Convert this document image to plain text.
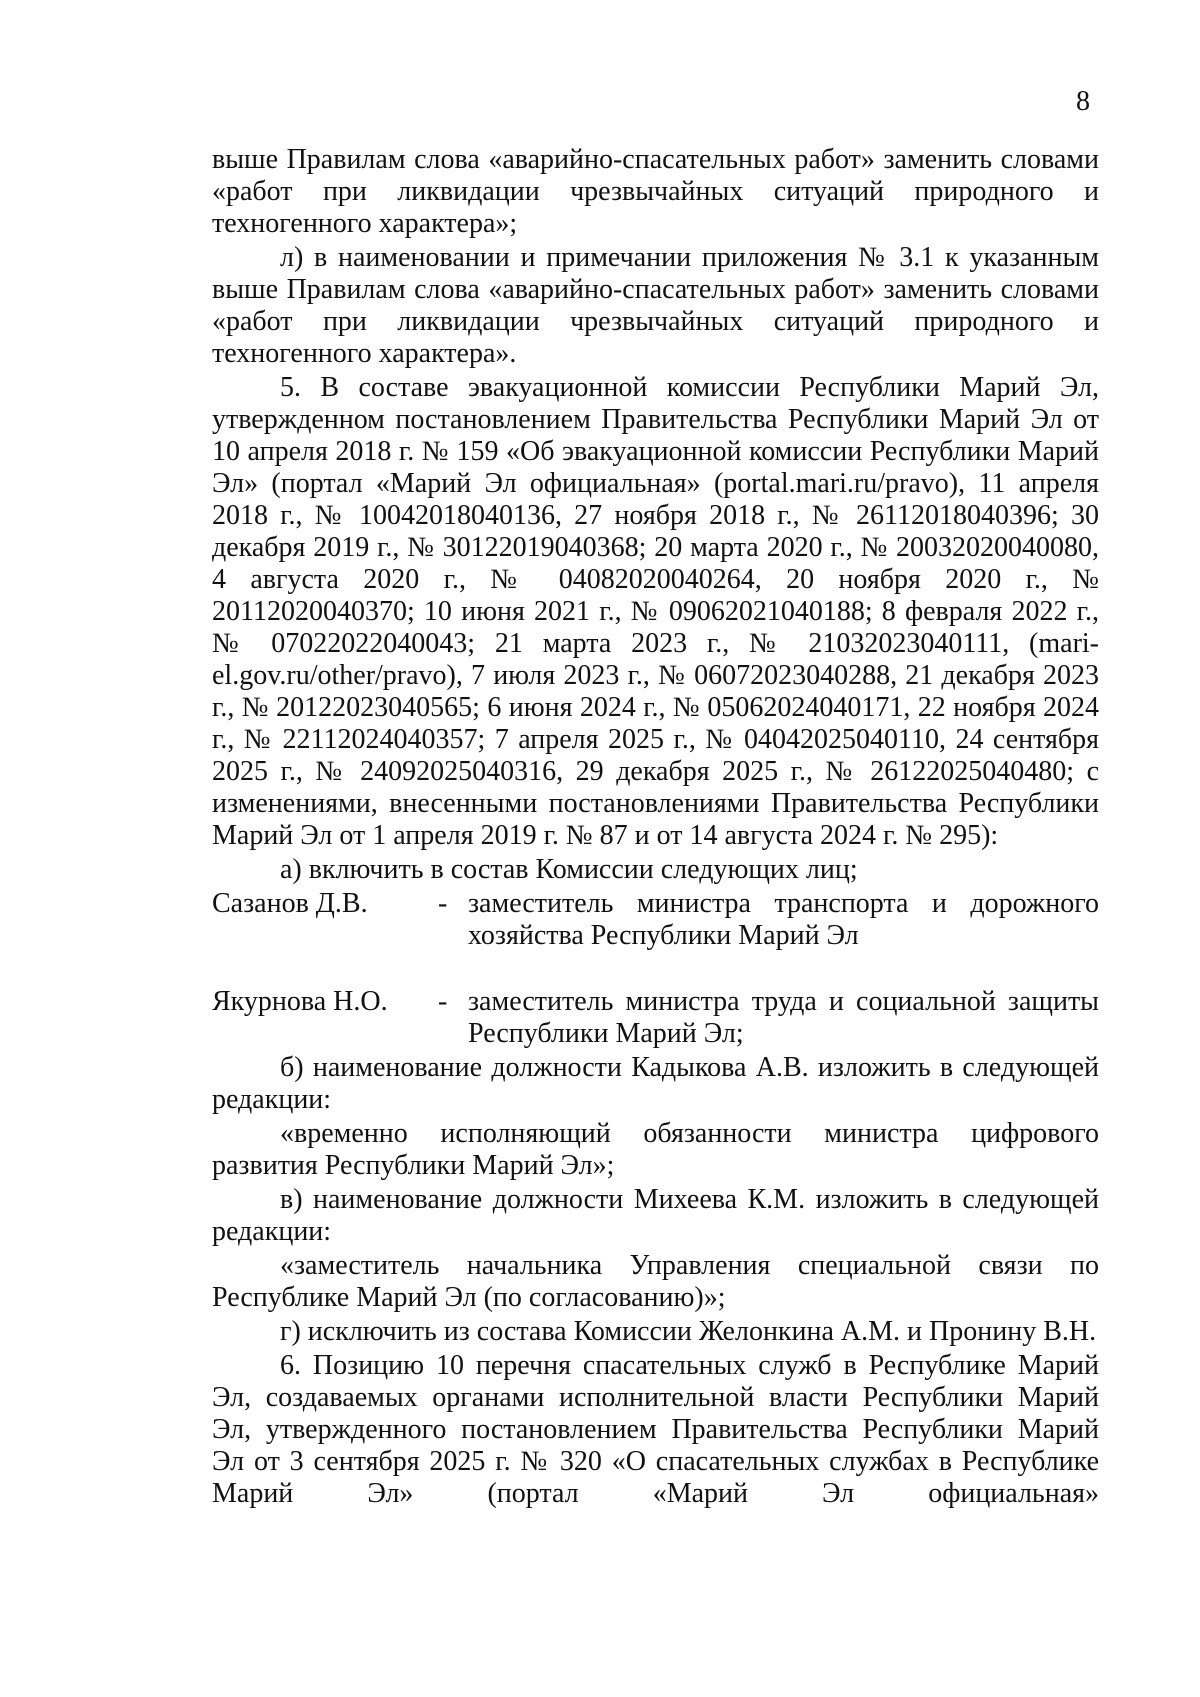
8

выше Правилам слова «аварийно-спасательных работ» заменить словами «работ при ликвидации чрезвычайных ситуаций природного и техногенного характера»;

л) в наименовании и примечании приложения № 3.1 к указанным выше Правилам слова «аварийно-спасательных работ» заменить словами «работ при ликвидации чрезвычайных ситуаций природного и техногенного характера».

5. В составе эвакуационной комиссии Республики Марий Эл, утвержденном постановлением Правительства Республики Марий Эл от 10 апреля 2018 г. № 159 «Об эвакуационной комиссии Республики Марий Эл» (портал «Марий Эл официальная» (portal.mari.ru/pravo), 11 апреля 2018 г., № 10042018040136, 27 ноября 2018 г., № 26112018040396; 30 декабря 2019 г., № 30122019040368; 20 марта 2020 г., № 20032020040080, 4 августа 2020 г., № 04082020040264, 20 ноября 2020 г., № 20112020040370; 10 июня 2021 г., № 09062021040188; 8 февраля 2022 г., № 07022022040043; 21 марта 2023 г., № 21032023040111, (mari-el.gov.ru/other/pravo), 7 июля 2023 г., № 06072023040288, 21 декабря 2023 г., № 20122023040565; 6 июня 2024 г., № 05062024040171, 22 ноября 2024 г., № 22112024040357; 7 апреля 2025 г., № 04042025040110, 24 сентября 2025 г., № 24092025040316, 29 декабря 2025 г., № 26122025040480; с изменениями, внесенными постановлениями Правительства Республики Марий Эл от 1 апреля 2019 г. № 87 и от 14 августа 2024 г. № 295):

а) включить в состав Комиссии следующих лиц;

Сазанов Д.В.	- заместитель министра транспорта и дорожного
хозяйства Республики Марий Эл
Якурнова Н.О. - заместитель министра труда и социальной защиты
Республики Марий Эл;

б) наименование должности Кадыкова А.В. изложить в следующей редакции:

«временно исполняющий обязанности министра цифрового развития Республики Марий Эл»;

в) наименование должности Михеева К.М. изложить в следующей редакции:

«заместитель начальника Управления специальной связи по Республике Марий Эл (по согласованию)»;

г) исключить из состава Комиссии Желонкина А.М. и Пронину В.Н.

6. Позицию 10 перечня спасательных служб в Республике Марий Эл, создаваемых органами исполнительной власти Республики Марий Эл, утвержденного постановлением Правительства Республики Марий Эл от 3 сентября 2025 г. № 320 «О спасательных службах в Республике Марий Эл» (портал «Марий Эл официальная»
